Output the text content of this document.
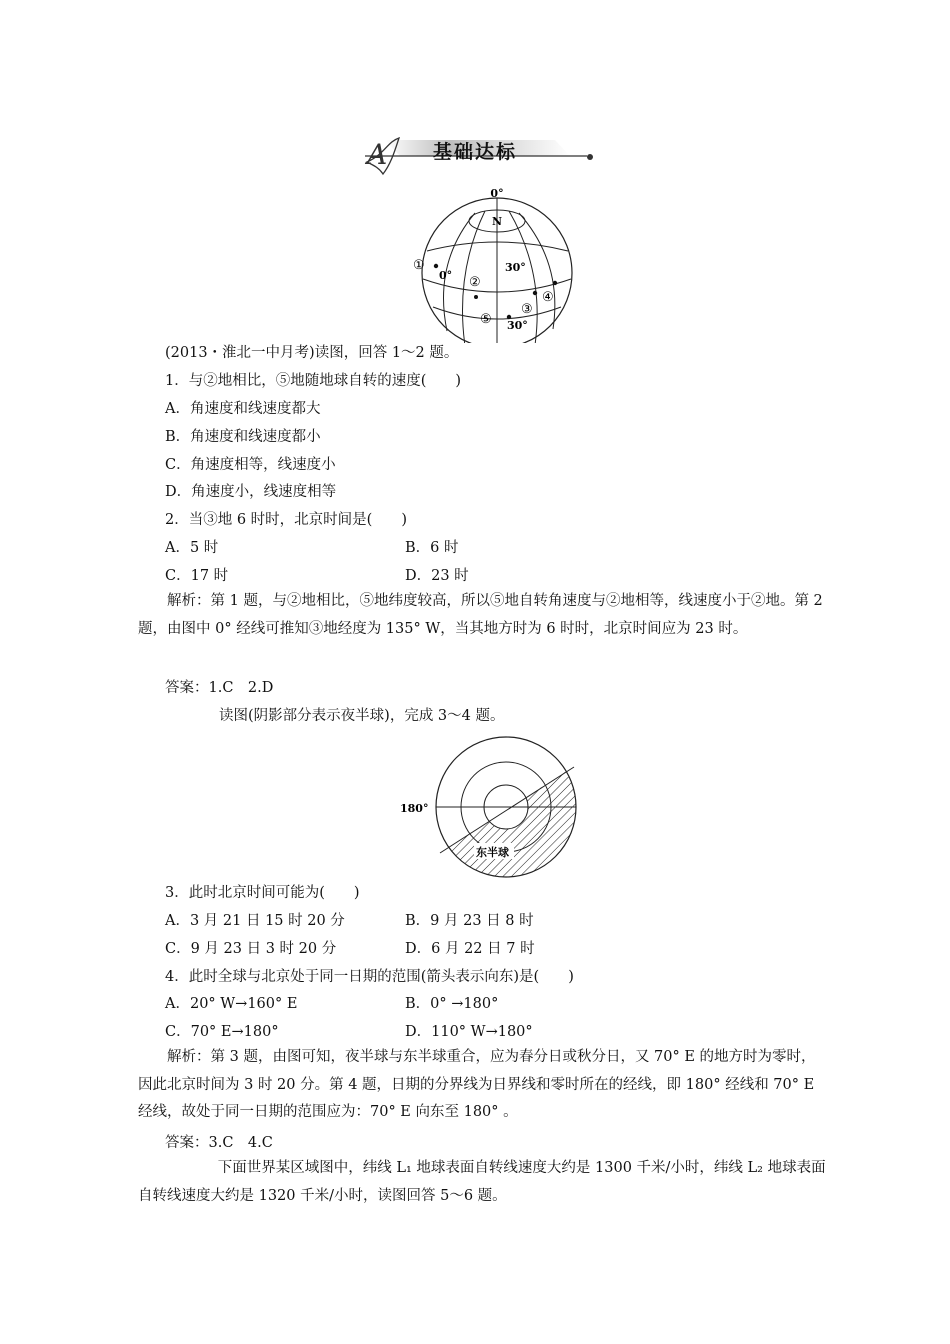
A 基础达标
0°
N
①
0° ②
30°
③
④
⑤ 30°
(2013・淮北一中月考)读图，回答 1～2 题。
1．与②地相比，⑤地随地球自转的速度(　　)
A．角速度和线速度都大
B．角速度和线速度都小
C．角速度相等，线速度小
D．角速度小，线速度相等
2．当③地 6 时时，北京时间是(　　)
A．5 时	B．6 时
C．17 时	D．23 时
解析：第 1 题，与②地相比，⑤地纬度较高，所以⑤地自转角速度与②地相等，线速度小于②地。第 2 题，由图中 0° 经线可推知③地经度为 135° W，当其地方时为 6 时时，北京时间应为 23 时。
答案：1.C　2.D
读图(阴影部分表示夜半球)，完成 3～4 题。
180°
东半球
3．此时北京时间可能为(　　)
A．3 月 21 日 15 时 20 分	B．9 月 23 日 8 时
C．9 月 23 日 3 时 20 分	D．6 月 22 日 7 时
4．此时全球与北京处于同一日期的范围(箭头表示向东)是(　　)
A．20° W→160° E	B．0° →180°
C．70° E→180°	D．110° W→180°
解析：第 3 题，由图可知，夜半球与东半球重合，应为春分日或秋分日，又 70° E 的地方时为零时，因此北京时间为 3 时 20 分。第 4 题，日期的分界线为日界线和零时所在的经线，即 180° 经线和 70° E 经线，故处于同一日期的范围应为：70° E 向东至 180° 。
答案：3.C　4.C
下面世界某区域图中，纬线 L₁ 地球表面自转线速度大约是 1300 千米/小时，纬线 L₂ 地球表面自转线速度大约是 1320 千米/小时，读图回答 5～6 题。
